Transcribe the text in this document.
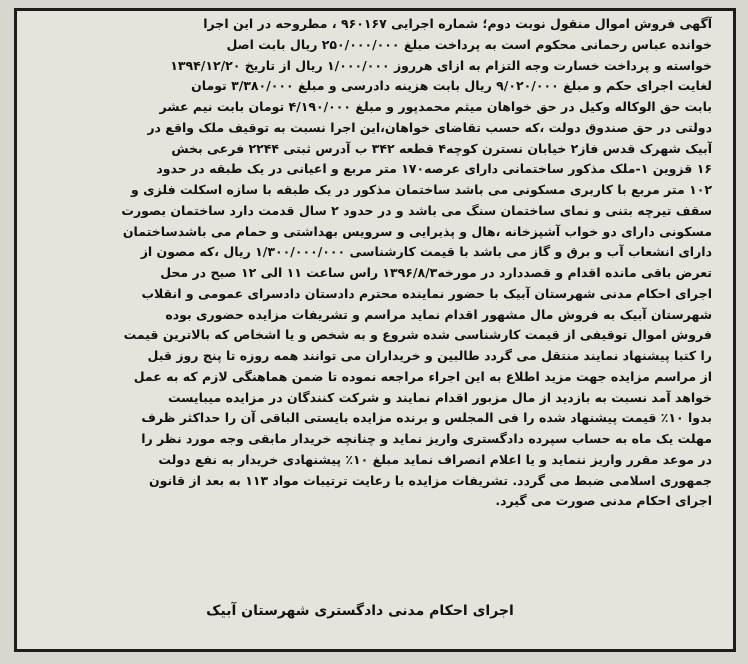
آگهی فروش اموال منقول نوبت دوم؛ شماره اجرایی ۹۶۰۱۶۷ ، مطروحه در این اجرا
خوانده عباس رحمانی محکوم است به پرداخت مبلغ ۲۵۰/۰۰۰/۰۰۰ ریال بابت اصل
خواسته و پرداخت خسارت وجه التزام به ازای هرروز ۱/۰۰۰/۰۰۰ ریال از تاریخ ۱۳۹۴/۱۲/۲۰
لغایت اجرای حکم و مبلغ ۹/۰۲۰/۰۰۰ ریال بابت هزینه دادرسی و مبلغ ۳/۳۸۰/۰۰۰ تومان
بابت حق الوکاله وکیل در حق خواهان میثم محمدپور و مبلغ ۴/۱۹۰/۰۰۰ تومان بابت نیم عشر
دولتی در حق صندوق دولت ،که حسب تقاضای خواهان،این اجرا نسبت به توقیف ملک واقع در
آبیک شهرک قدس فاز۲ خیابان نسترن کوچه۴ قطعه ۳۴۲ ب آدرس ثبتی ۲۲۴۴ فرعی بخش
۱۶ قزوین ۱-ملک مذکور ساختمانی دارای عرصه۱۷۰ متر مربع و اعیانی در یک طبقه در حدود
۱۰۲ متر مربع با کاربری مسکونی می باشد ساختمان مذکور در یک طبقه با سازه اسکلت فلزی و
سقف تیرچه بتنی و نمای ساختمان سنگ می باشد و در حدود ۲ سال قدمت دارد ساختمان بصورت
مسکونی دارای دو خواب آشپزخانه ،هال و پذیرایی و سرویس بهداشتی و حمام می باشدساختمان
دارای انشعاب آب و برق و گاز می باشد با قیمت کارشناسی ۱/۳۰۰/۰۰۰/۰۰۰ ریال ،که مصون از
تعرض باقی مانده اقدام و قصددارد در مورخه۱۳۹۶/۸/۳ راس ساعت ۱۱ الی ۱۲ صبح در محل
اجرای احکام مدنی شهرستان آبیک با حضور نماینده محترم دادستان دادسرای عمومی و انقلاب
شهرستان آبیک به فروش مال مشهور اقدام نماید مراسم و تشریفات مزایده حضوری بوده
فروش اموال توقیفی از قیمت کارشناسی شده شروع و به شخص و یا اشخاص که بالاترین قیمت
را کتبا پیشنهاد نمایند منتقل می گردد طالبین و خریداران می توانند همه روزه تا پنج روز قبل
از مراسم مزایده جهت مزید اطلاع به این اجراء مراجعه نموده تا ضمن هماهنگی لازم که به عمل
خواهد آمد نسبت به بازدید از مال مزبور اقدام نمایند و شرکت کنندگان در مزایده میبایست
بدوا ۱۰٪ قیمت پیشنهاد شده را فی المجلس و برنده مزایده بایستی الباقی آن را حداکثر ظرف
مهلت یک ماه به حساب سپرده دادگستری واریز نماید و چنانچه خریدار مابقی وجه مورد نظر را
در موعد مقرر واریز ننماید و یا اعلام انصراف نماید مبلغ ۱۰٪ پیشنهادی خریدار به نفع دولت
جمهوری اسلامی ضبط می گردد. تشریفات مزایده با رعایت ترتیبات مواد ۱۱۳ به بعد از قانون
اجرای احکام مدنی صورت می گیرد.
اجرای احکام مدنی دادگستری شهرستان آبیک
